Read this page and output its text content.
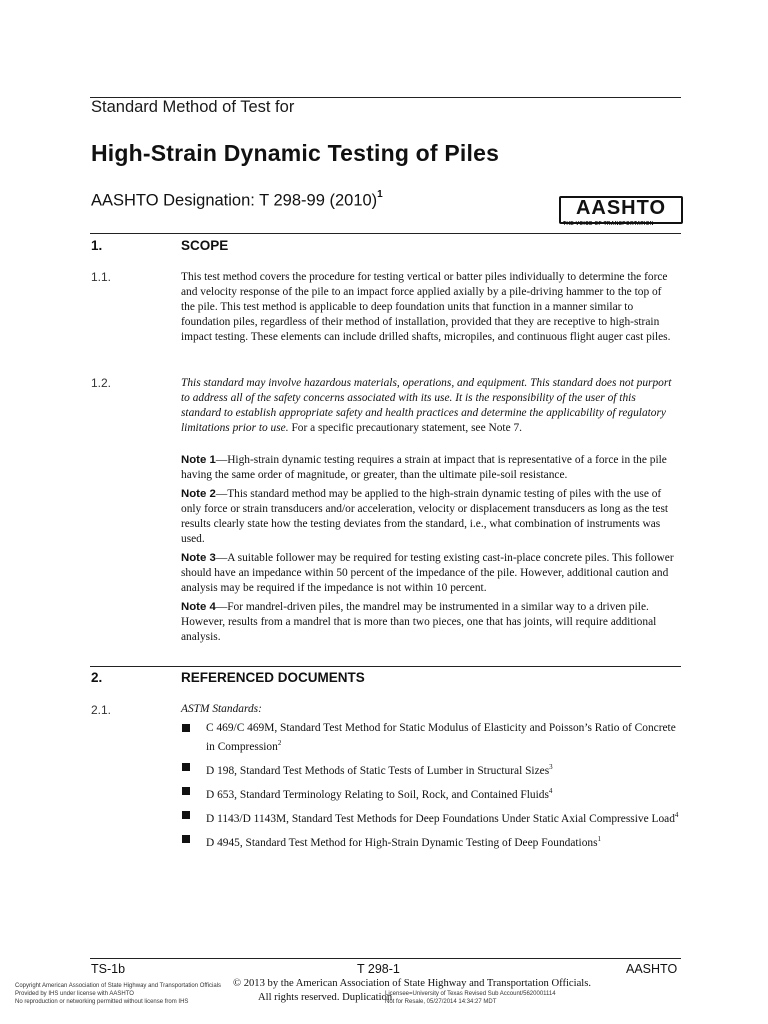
Standard Method of Test for
High-Strain Dynamic Testing of Piles
AASHTO Designation: T 298-99 $(2010)^1$
AASHTO
THE VOICE OF TRANSPORTATION
1.	SCOPE
1.1.	This test method covers the procedure for testing vertical or batter piles individually to determine the force and velocity response of the pile to an impact force applied axially by a pile-driving hammer to the top of the pile. This test method is applicable to deep foundation units that function in a manner similar to foundation piles, regardless of their method of installation, provided that they are receptive to high-strain impact testing. These elements can include drilled shafts, micropiles, and continuous flight auger cast piles.
1.2.	This standard may involve hazardous materials, operations, and equipment. This standard does not purport to address all of the safety concerns associated with its use. It is the responsibility of the user of this standard to establish appropriate safety and health practices and determine the applicability of regulatory limitations prior to use. For a specific precautionary statement, see Note 7.
Note 1—High-strain dynamic testing requires a strain at impact that is representative of a force in the pile having the same order of magnitude, or greater, than the ultimate pile-soil resistance.
Note 2—This standard method may be applied to the high-strain dynamic testing of piles with the use of only force or strain transducers and/or acceleration, velocity or displacement transducers as long as the test results clearly state how the testing deviates from the standard, i.e., what combination of instruments was used.
Note 3—A suitable follower may be required for testing existing cast-in-place concrete piles. This follower should have an impedance within 50 percent of the impedance of the pile. However, additional caution and analysis may be required if the impedance is not within 10 percent.
Note 4—For mandrel-driven piles, the mandrel may be instrumented in a similar way to a driven pile. However, results from a mandrel that is more than two pieces, one that has joints, will require additional analysis.
2.	REFERENCED DOCUMENTS
2.1.	ASTM Standards:
C 469/C 469M, Standard Test Method for Static Modulus of Elasticity and Poisson’s Ratio of Concrete in Compression$^2$
D 198, Standard Test Methods of Static Tests of Lumber in Structural Sizes$^3$
D 653, Standard Terminology Relating to Soil, Rock, and Contained Fluids$^4$
D 1143/D 1143M, Standard Test Methods for Deep Foundations Under Static Axial Compressive Load$^4$
D 4945, Standard Test Method for High-Strain Dynamic Testing of Deep Foundations$^1$
TS-1b	T 298-1	AASHTO
© 2013 by the American Association of State Highway and Transportation Officials.
All rights reserved. Duplication
Copyright American Association of State Highway and Transportation Officials
Provided by IHS under license with AASHTO
No reproduction or networking permitted without license from IHS
Licensee=University of Texas Revised Sub Account/5620001114
Not for Resale, 05/27/2014 14:34:27 MDT
